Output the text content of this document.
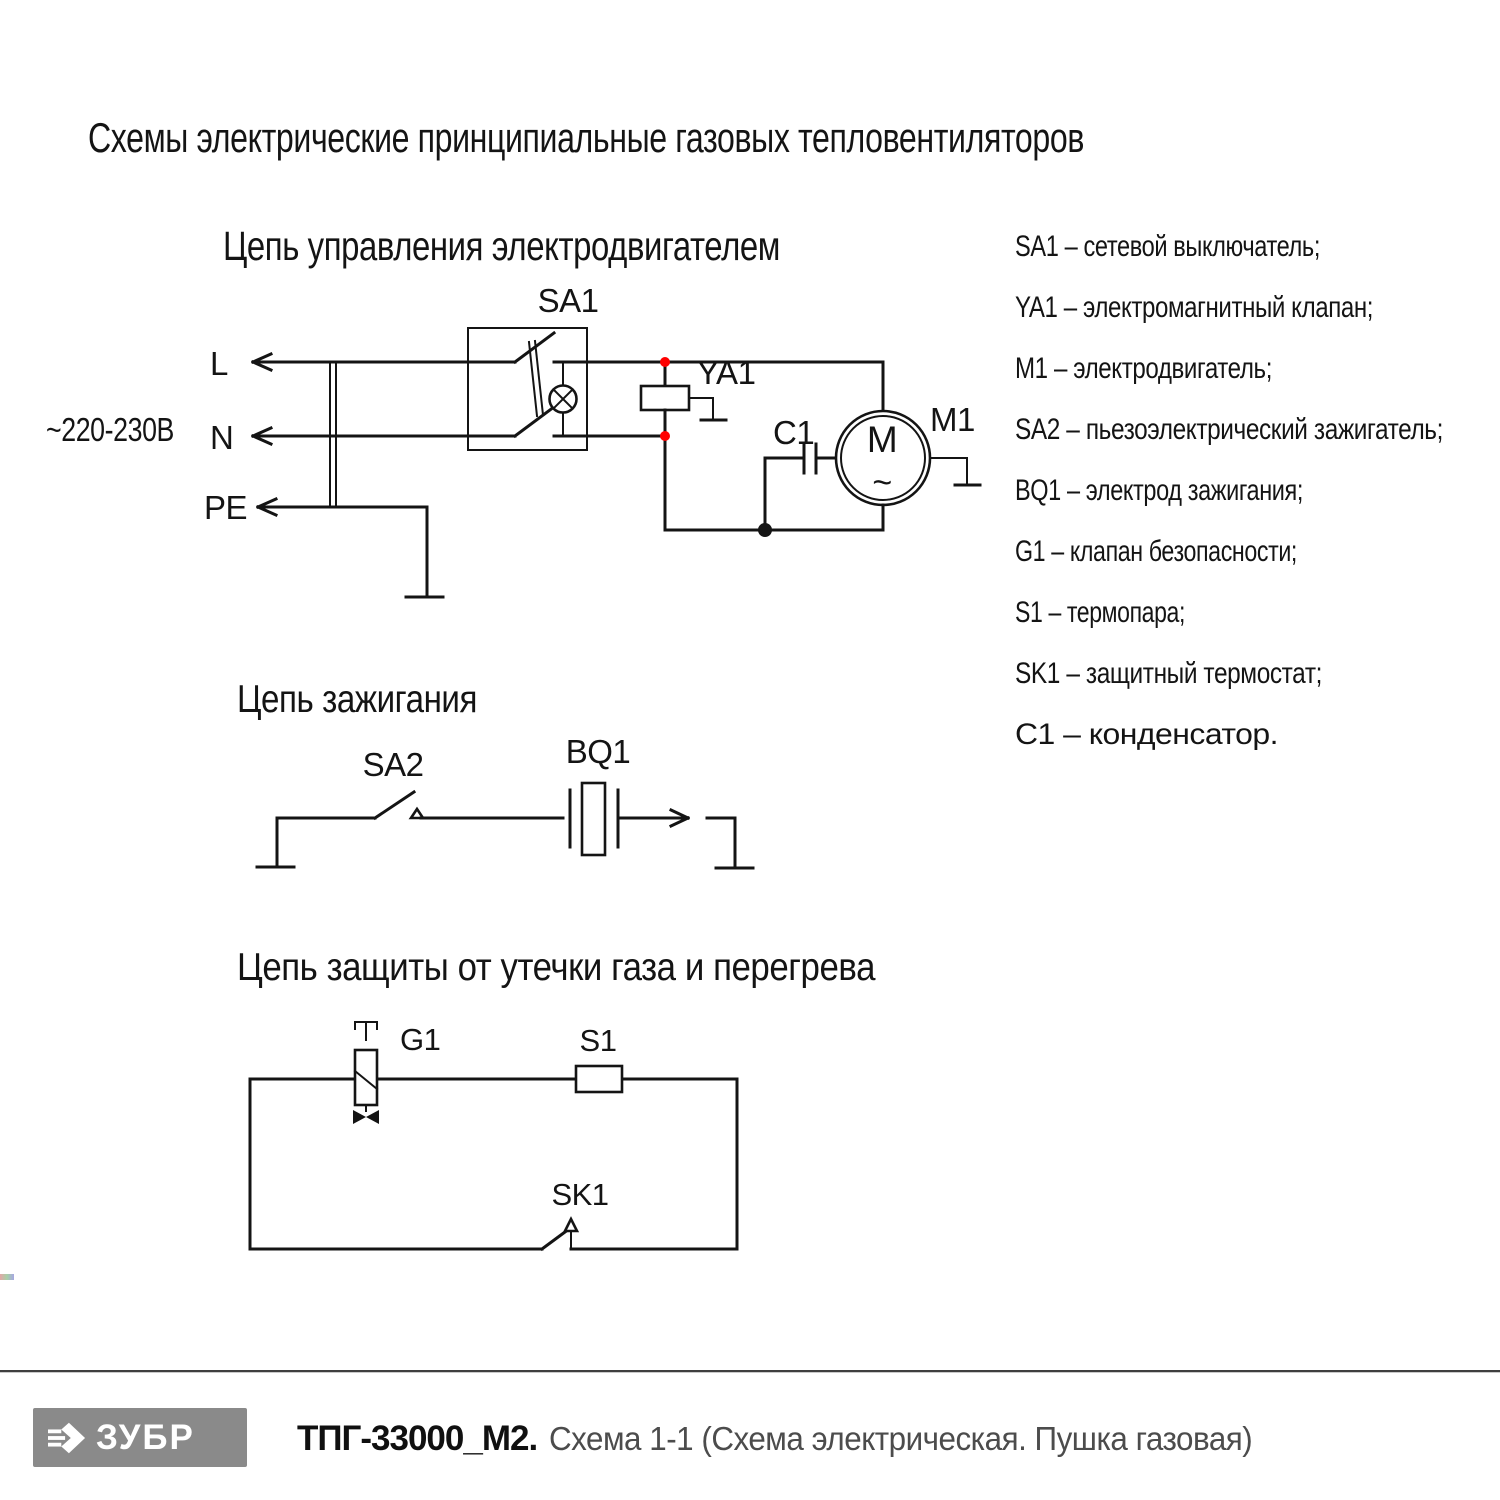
Схемы электрические принципиальные газовых тепловентиляторов
Цепь управления электродвигателем
~220-230В
L
N
PE
SA1
YA1
C1 M
~
M1
Цепь зажигания
SA2	BQ1
Цепь защиты от утечки газа и перегрева
G1	S1
SK1
SA1 – сетевой выключатель;
YA1 – электромагнитный клапан;
M1 – электродвигатель;
SA2 – пьезоэлектрический зажигатель;
BQ1 – электрод зажигания;
G1 – клапан безопасности;
S1 – термопара;
SK1 – защитный термостат;
C1 – конденсатор.
ЗУБР	ТПГ-33000_М2. Схема 1-1 (Схема электрическая. Пушка газовая)
